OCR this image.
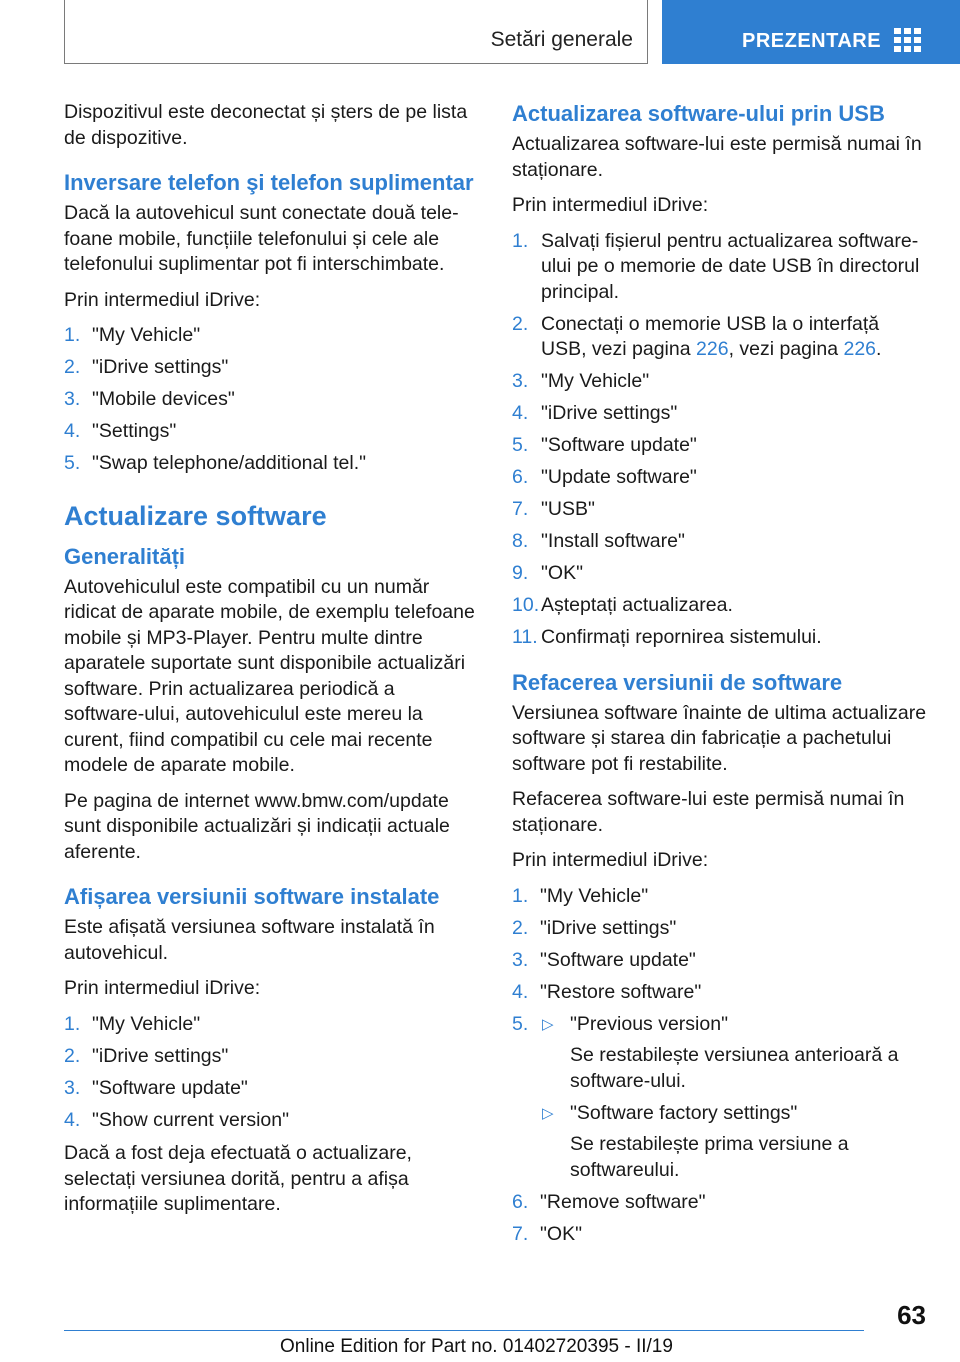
Setări generale	PREZENTARE

Dispozitivul este deconectat și șters de pe lista de dispozitive.

Inversare telefon şi telefon suplimentar

Dacă la autovehicul sunt conectate două telefoane mobile, funcțiile telefonului și cele ale telefonului suplimentar pot fi interschimbate.

Prin intermediul iDrive:

1. "My Vehicle"
2. "iDrive settings"
3. "Mobile devices"
4. "Settings"
5. "Swap telephone/additional tel."
Actualizare software
Generalități

Autovehiculul este compatibil cu un număr ridicat de aparate mobile, de exemplu telefoane mobile și MP3-Player. Pentru multe dintre aparatele suportate sunt disponibile actualizări software. Prin actualizarea periodică a software-ului, autovehiculul este mereu la curent, fiind compatibil cu cele mai recente modele de aparate mobile.

Pe pagina de internet www.bmw.com/update sunt disponibile actualizări și indicații actuale aferente.

Afișarea versiunii software instalate

Este afișată versiunea software instalată în autovehicul.

Prin intermediul iDrive:

1. "My Vehicle"
2. "iDrive settings"
3. "Software update"
4. "Show current version"

Dacă a fost deja efectuată o actualizare, selectați versiunea dorită, pentru a afișa informațiile suplimentare.

Actualizarea software-ului prin USB

Actualizarea software-lui este permisă numai în staționare.

Prin intermediul iDrive:

1. Salvați fișierul pentru actualizarea softwareului pe o memorie de date USB în directorul principal.
2. Conectați o memorie USB la o interfață USB, vezi pagina 226, vezi pagina 226.
3. "My Vehicle"
4. "iDrive settings"
5. "Software update"
6. "Update software"
7. "USB"
8. "Install software"
9. "OK"
10. Așteptați actualizarea.
11. Confirmați repornirea sistemului.
Refacerea versiunii de software

Versiunea software înainte de ultima actualizare software și starea din fabricație a pachetului software pot fi restabilite.

Refacerea software-lui este permisă numai în staționare.

Prin intermediul iDrive:

1. "My Vehicle"
2. "iDrive settings"
3. "Software update"
4. "Restore software"
5. ▷ "Previous version"
Se restabilește versiunea anterioară a software-ului.
▷ "Software factory settings"
Se restabilește prima versiune a softwareului.
6. "Remove software"
7. "OK"
63
Online Edition for Part no. 01402720395 - II/19
